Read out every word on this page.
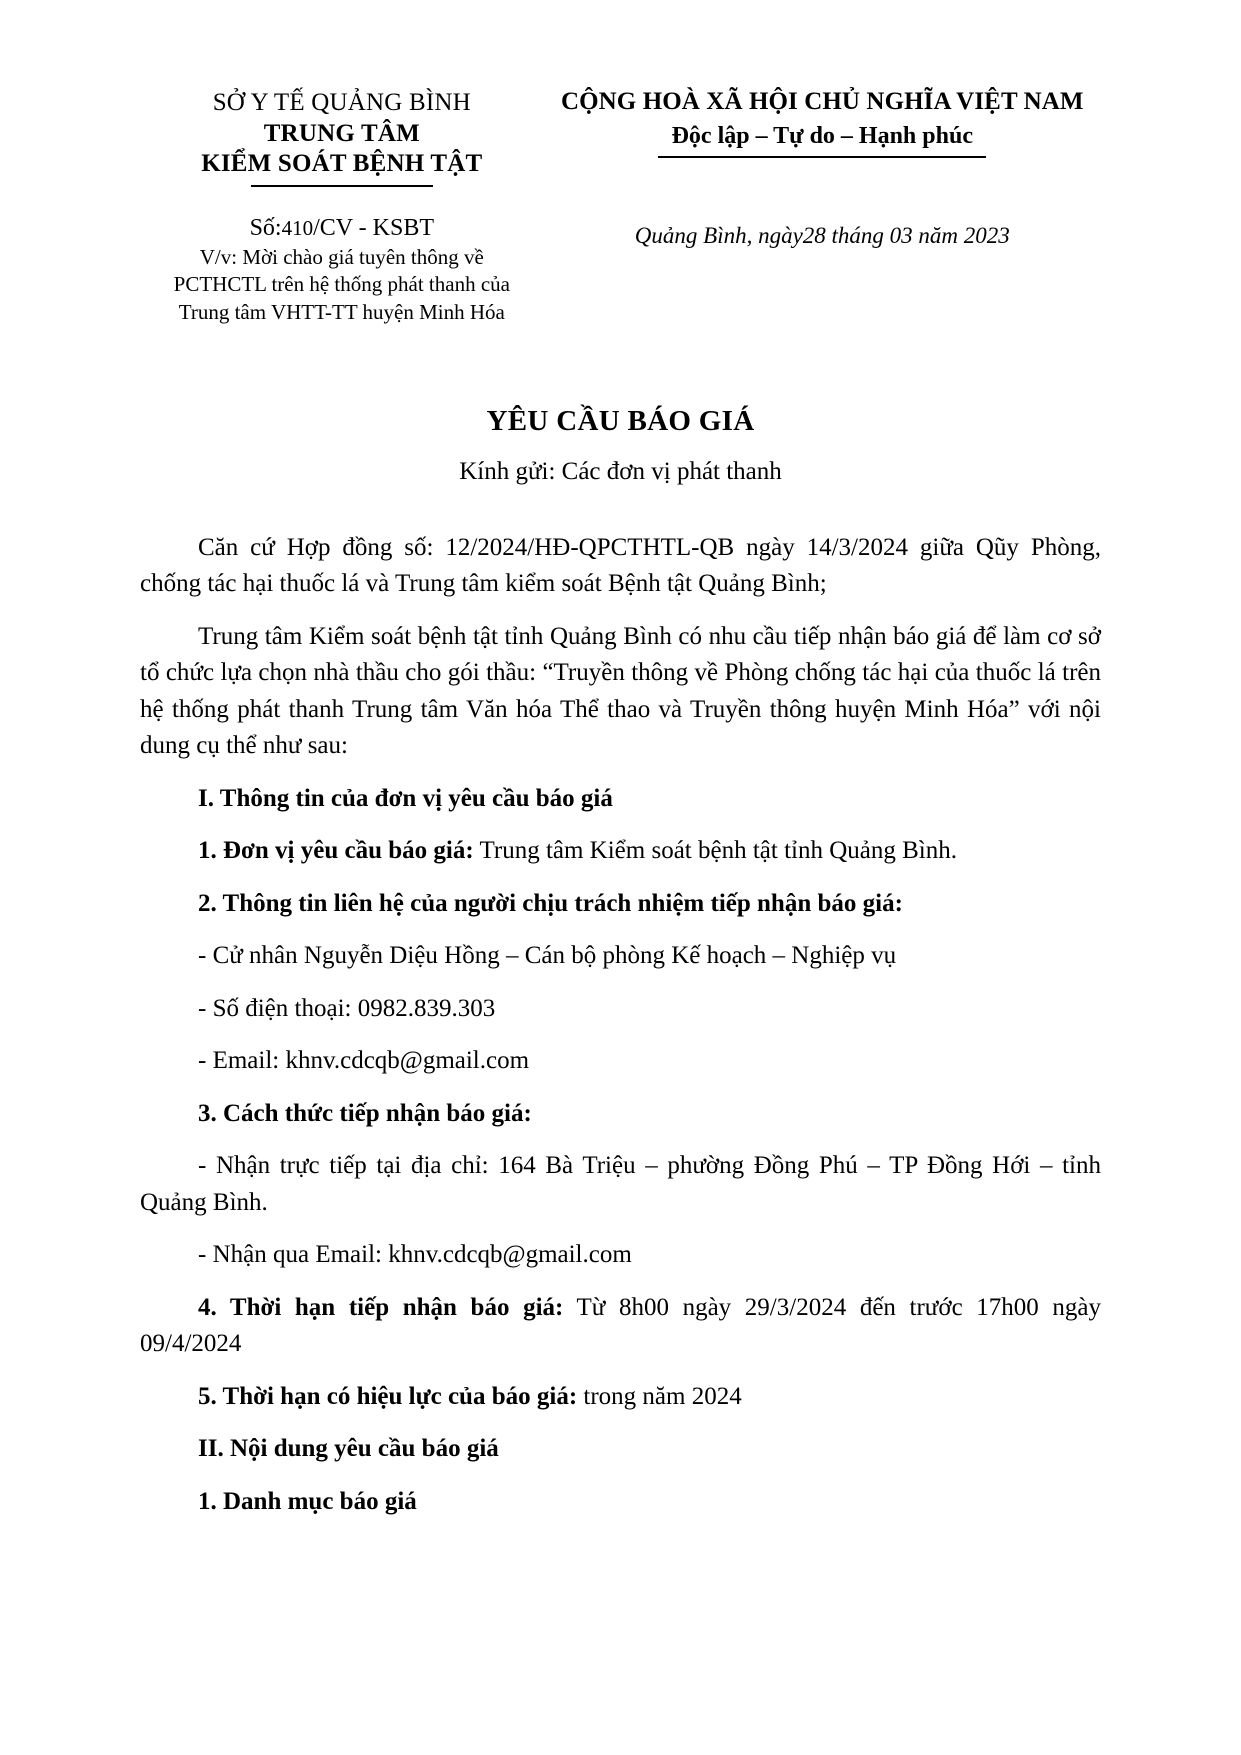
SỞ Y TẾ QUẢNG BÌNH
TRUNG TÂM
KIỂM SOÁT BỆNH TẬT
CỘNG HOÀ XÃ HỘI CHỦ NGHĨA VIỆT NAM
Độc lập – Tự do – Hạnh phúc
Số:410/CV - KSBT
V/v: Mời chào giá tuyên thông về
PCTHCTL trên hệ thống phát thanh của
Trung tâm VHTT-TT huyện Minh Hóa
Quảng Bình, ngày28 tháng 03 năm 2023
YÊU CẦU BÁO GIÁ
Kính gửi: Các đơn vị phát thanh

Căn cứ Hợp đồng số: 12/2024/HĐ-QPCTHTL-QB ngày 14/3/2024 giữa Qũy Phòng, chống tác hại thuốc lá và Trung tâm kiểm soát Bệnh tật Quảng Bình;

Trung tâm Kiểm soát bệnh tật tỉnh Quảng Bình có nhu cầu tiếp nhận báo giá để làm cơ sở tổ chức lựa chọn nhà thầu cho gói thầu: “Truyền thông về Phòng chống tác hại của thuốc lá trên hệ thống phát thanh Trung tâm Văn hóa Thể thao và Truyền thông huyện Minh Hóa” với nội dung cụ thể như sau:

I. Thông tin của đơn vị yêu cầu báo giá
1. Đơn vị yêu cầu báo giá: Trung tâm Kiểm soát bệnh tật tỉnh Quảng Bình.
2. Thông tin liên hệ của người chịu trách nhiệm tiếp nhận báo giá:
- Cử nhân Nguyễn Diệu Hồng – Cán bộ phòng Kế hoạch – Nghiệp vụ
- Số điện thoại: 0982.839.303
- Email: khnv.cdcqb@gmail.com
3. Cách thức tiếp nhận báo giá:
- Nhận trực tiếp tại địa chỉ: 164 Bà Triệu – phường Đồng Phú – TP Đồng Hới – tỉnh Quảng Bình.
- Nhận qua Email: khnv.cdcqb@gmail.com
4. Thời hạn tiếp nhận báo giá: Từ 8h00 ngày 29/3/2024 đến trước 17h00 ngày 09/4/2024
5. Thời hạn có hiệu lực của báo giá: trong năm 2024
II. Nội dung yêu cầu báo giá
1. Danh mục báo giá
